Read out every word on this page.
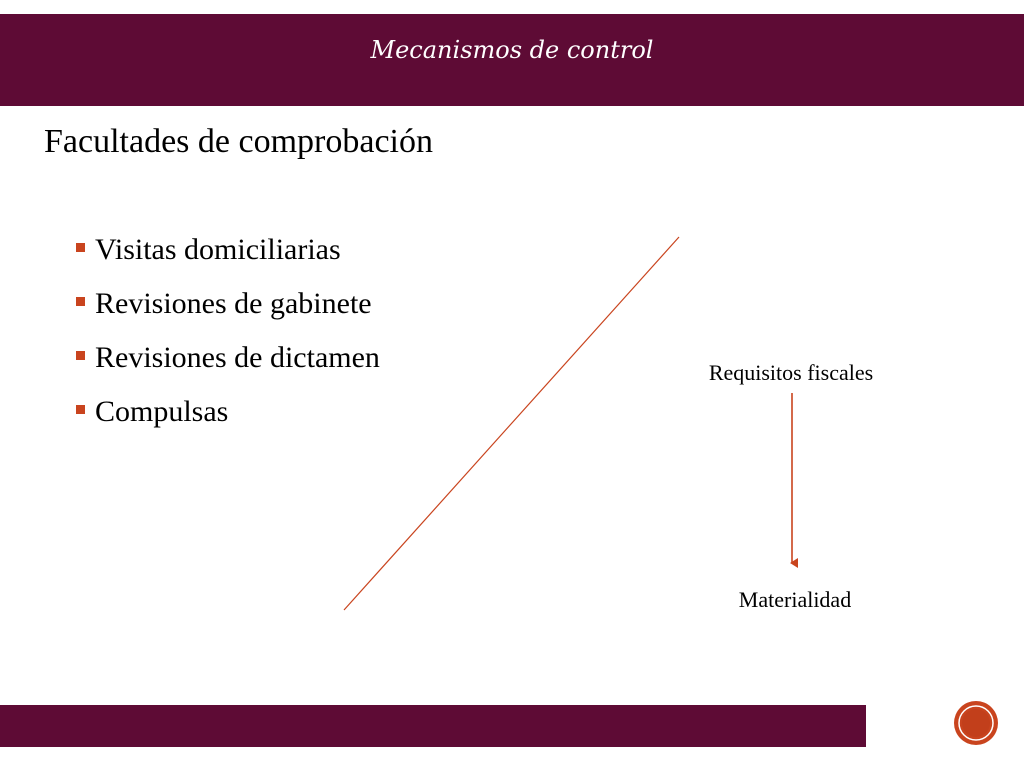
Mecanismos de control
Facultades de comprobación
Visitas domiciliarias
Revisiones de gabinete
Revisiones de dictamen
Compulsas
Requisitos fiscales
Materialidad
